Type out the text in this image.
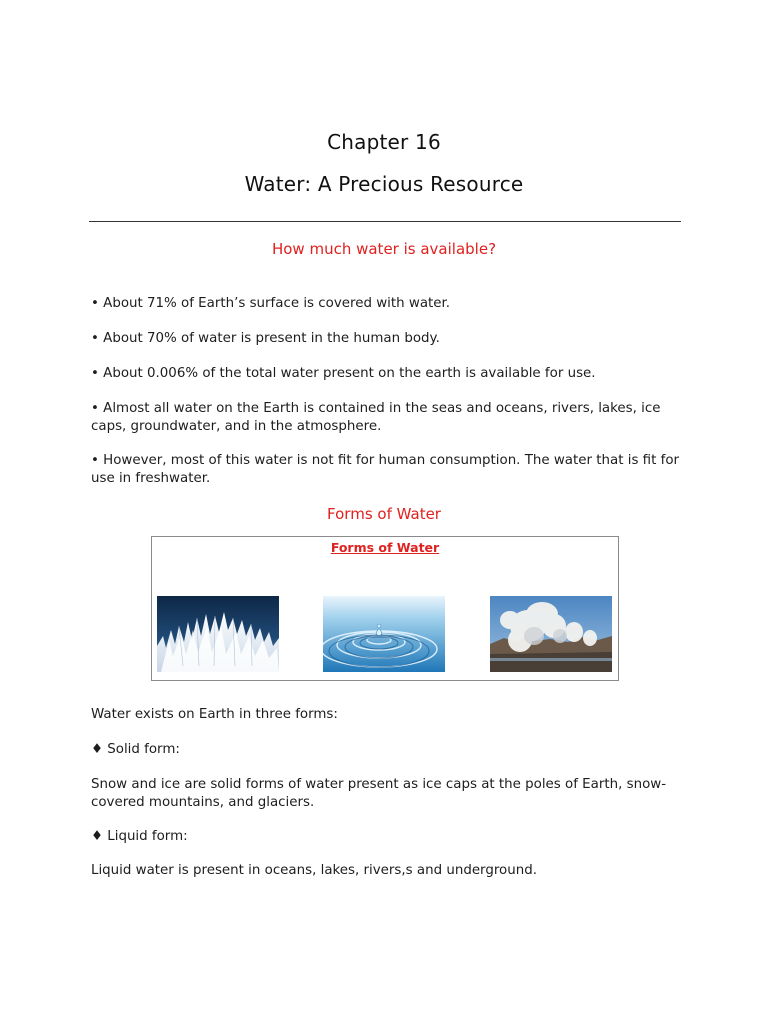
Chapter 16
Water: A Precious Resource
How much water is available?
• About 71% of Earth’s surface is covered with water.
• About 70% of water is present in the human body.
• About 0.006% of the total water present on the earth is available for use.
• Almost all water on the Earth is contained in the seas and oceans, rivers, lakes, ice caps, groundwater, and in the atmosphere.
• However, most of this water is not fit for human consumption. The water that is fit for use in freshwater.
Forms of Water
Forms of Water
Water exists on Earth in three forms:
♦ Solid form:
Snow and ice are solid forms of water present as ice caps at the poles of Earth, snow-covered mountains, and glaciers.
♦ Liquid form:
Liquid water is present in oceans, lakes, rivers,s and underground.
